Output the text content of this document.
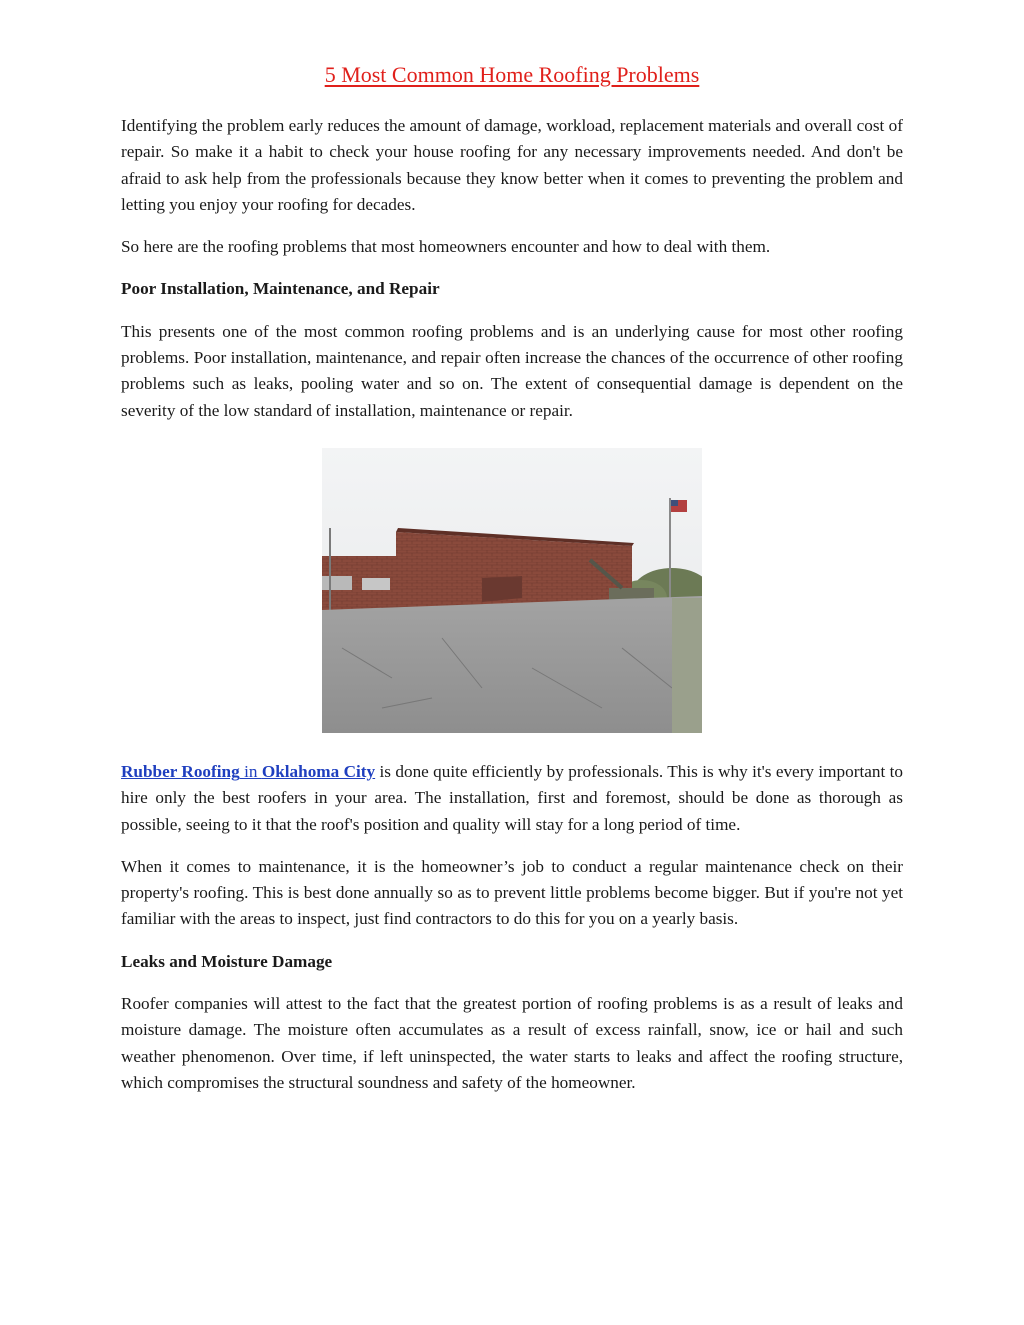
5 Most Common Home Roofing Problems

Identifying the problem early reduces the amount of damage, workload, replacement materials and overall cost of repair. So make it a habit to check your house roofing for any necessary improvements needed. And don't be afraid to ask help from the professionals because they know better when it comes to preventing the problem and letting you enjoy your roofing for decades.

So here are the roofing problems that most homeowners encounter and how to deal with them.

Poor Installation, Maintenance, and Repair

This presents one of the most common roofing problems and is an underlying cause for most other roofing problems. Poor installation, maintenance, and repair often increase the chances of the occurrence of other roofing problems such as leaks, pooling water and so on. The extent of consequential damage is dependent on the severity of the low standard of installation, maintenance or repair.

Rubber Roofing in Oklahoma City is done quite efficiently by professionals. This is why it's every important to hire only the best roofers in your area. The installation, first and foremost, should be done as thorough as possible, seeing to it that the roof's position and quality will stay for a long period of time.

When it comes to maintenance, it is the homeowner’s job to conduct a regular maintenance check on their property's roofing. This is best done annually so as to prevent little problems become bigger. But if you're not yet familiar with the areas to inspect, just find contractors to do this for you on a yearly basis.

Leaks and Moisture Damage

Roofer companies will attest to the fact that the greatest portion of roofing problems is as a result of leaks and moisture damage. The moisture often accumulates as a result of excess rainfall, snow, ice or hail and such weather phenomenon. Over time, if left uninspected, the water starts to leaks and affect the roofing structure, which compromises the structural soundness and safety of the homeowner.
